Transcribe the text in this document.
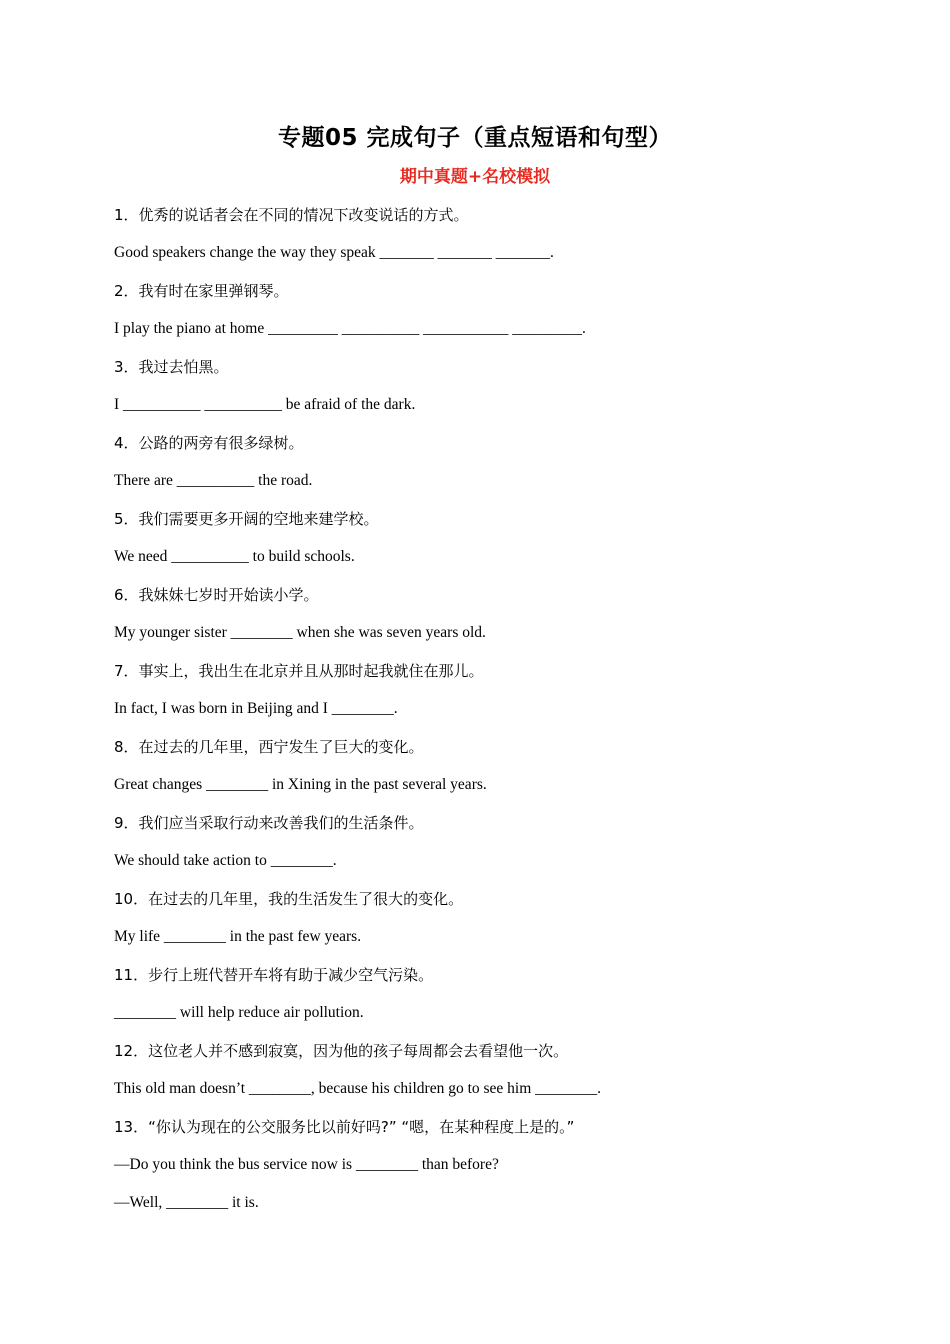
专题05 完成句子（重点短语和句型）
期中真题+名校模拟
1．优秀的说话者会在不同的情况下改变说话的方式。
Good speakers change the way they speak _______ _______ _______.
2．我有时在家里弹钢琴。
I play the piano at home _________ __________ ___________ _________.
3．我过去怕黑。
I __________ __________ be afraid of the dark.
4．公路的两旁有很多绿树。
There are __________ the road.
5．我们需要更多开阔的空地来建学校。
We need __________ to build schools.
6．我妹妹七岁时开始读小学。
My younger sister ________ when she was seven years old.
7．事实上，我出生在北京并且从那时起我就住在那儿。
In fact, I was born in Beijing and I ________.
8．在过去的几年里，西宁发生了巨大的变化。
Great changes ________ in Xining in the past several years.
9．我们应当采取行动来改善我们的生活条件。
We should take action to ________.
10．在过去的几年里，我的生活发生了很大的变化。
My life ________ in the past few years.
11．步行上班代替开车将有助于减少空气污染。
________ will help reduce air pollution.
12．这位老人并不感到寂寞，因为他的孩子每周都会去看望他一次。
This old man doesn’t ________, because his children go to see him ________.
13．“你认为现在的公交服务比以前好吗?” “嗯，在某种程度上是的。”
—Do you think the bus service now is ________ than before?
—Well, ________ it is.
